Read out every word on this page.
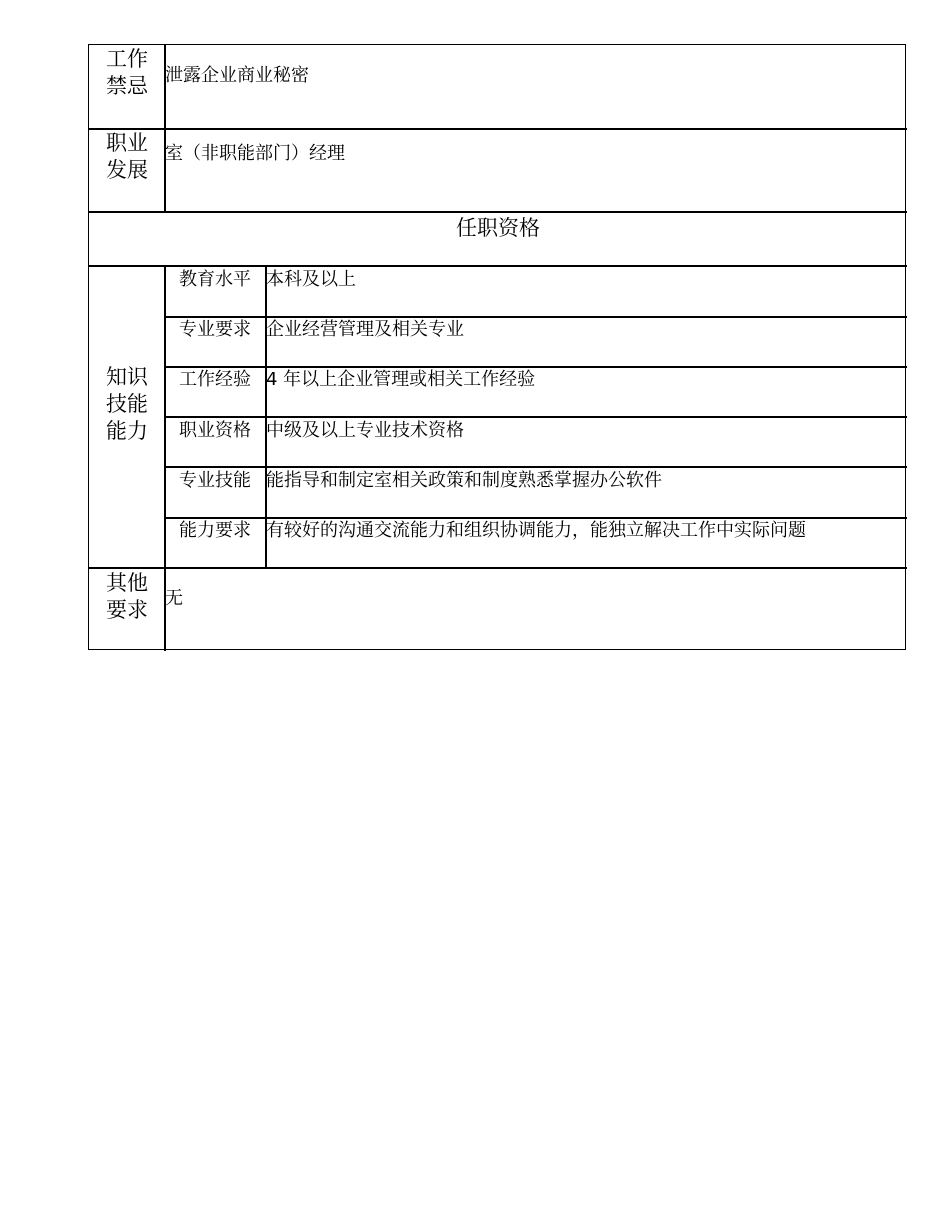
工作
禁忌 泄露企业商业秘密
职业
发展
室（非职能部门）经理
任职资格
知识
技能
能力
教育水平 本科及以上
专业要求 企业经营管理及相关专业
工作经验 4 年以上企业管理或相关工作经验
职业资格 中级及以上专业技术资格
专业技能 能指导和制定室相关政策和制度熟悉掌握办公软件
能力要求 有较好的沟通交流能力和组织协调能力，能独立解决工作中实际问题
其他
要求 无
